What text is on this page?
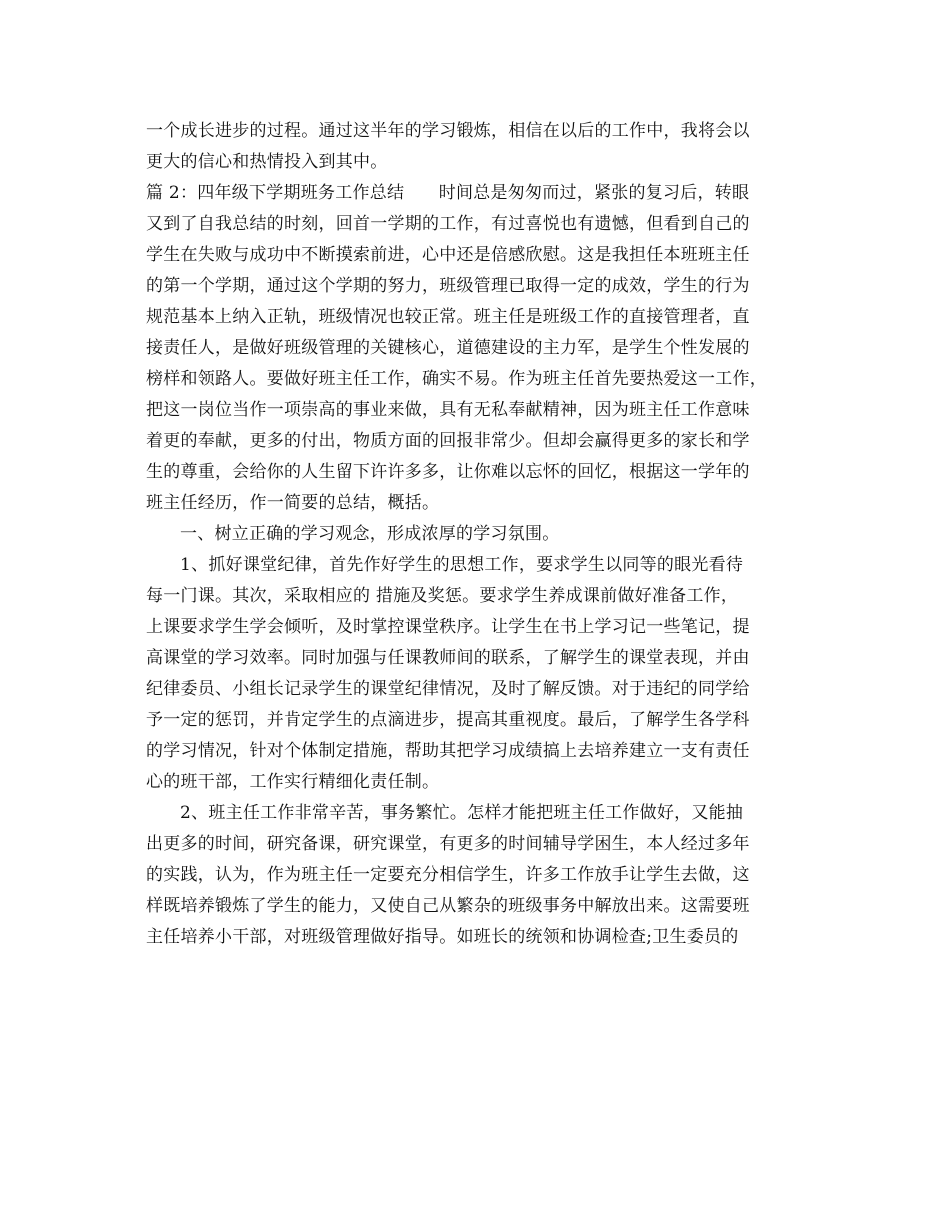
一个成长进步的过程。通过这半年的学习锻炼，相信在以后的工作中，我将会以
更大的信心和热情投入到其中。
篇 2：四年级下学期班务工作总结　　时间总是匆匆而过，紧张的复习后，转眼
又到了自我总结的时刻，回首一学期的工作，有过喜悦也有遗憾，但看到自己的
学生在失败与成功中不断摸索前进，心中还是倍感欣慰。这是我担任本班班主任
的第一个学期，通过这个学期的努力，班级管理已取得一定的成效，学生的行为
规范基本上纳入正轨，班级情况也较正常。班主任是班级工作的直接管理者，直
接责任人，是做好班级管理的关键核心，道德建设的主力军，是学生个性发展的
榜样和领路人。要做好班主任工作，确实不易。作为班主任首先要热爱这一工作，
把这一岗位当作一项崇高的事业来做，具有无私奉献精神，因为班主任工作意味
着更的奉献，更多的付出，物质方面的回报非常少。但却会赢得更多的家长和学
生的尊重，会给你的人生留下许许多多，让你难以忘怀的回忆，根据这一学年的
班主任经历，作一简要的总结，概括。
一、树立正确的学习观念，形成浓厚的学习氛围。
1、抓好课堂纪律，首先作好学生的思想工作，要求学生以同等的眼光看待
每一门课。其次，采取相应的 措施及奖惩。要求学生养成课前做好准备工作，
上课要求学生学会倾听，及时掌控课堂秩序。让学生在书上学习记一些笔记，提
高课堂的学习效率。同时加强与任课教师间的联系，了解学生的课堂表现，并由
纪律委员、小组长记录学生的课堂纪律情况，及时了解反馈。对于违纪的同学给
予一定的惩罚，并肯定学生的点滴进步，提高其重视度。最后，了解学生各学科
的学习情况，针对个体制定措施，帮助其把学习成绩搞上去培养建立一支有责任
心的班干部，工作实行精细化责任制。
2、班主任工作非常辛苦，事务繁忙。怎样才能把班主任工作做好，又能抽
出更多的时间，研究备课，研究课堂，有更多的时间辅导学困生，本人经过多年
的实践，认为，作为班主任一定要充分相信学生，许多工作放手让学生去做，这
样既培养锻炼了学生的能力，又使自己从繁杂的班级事务中解放出来。这需要班
主任培养小干部，对班级管理做好指导。如班长的统领和协调检查;卫生委员的
